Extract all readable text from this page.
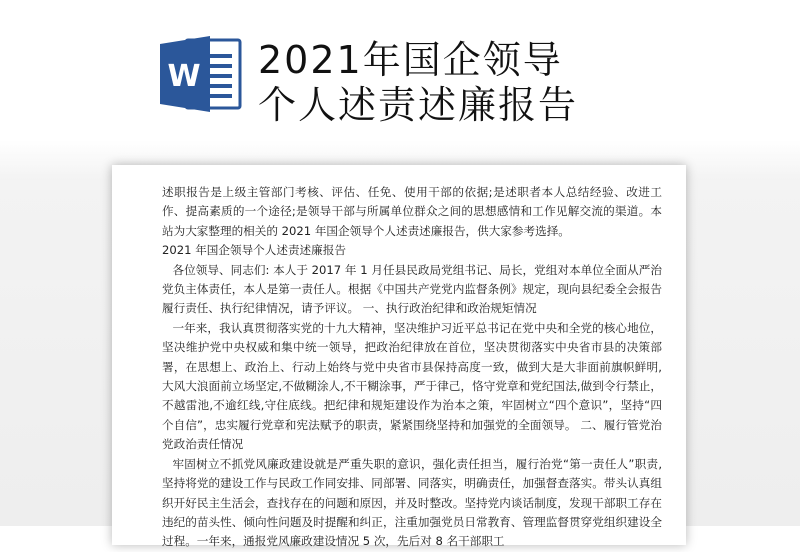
W 2021年国企领导
个人述责述廉报告

述职报告是上级主管部门考核、评估、任免、使用干部的依据;是述职者本人总结经验、改进工作、提高素质的一个途径;是领导干部与所属单位群众之间的思想感情和工作见解交流的渠道。本站为大家整理的相关的 2021 年国企领导个人述责述廉报告，供大家参考选择。

2021 年国企领导个人述责述廉报告

各位领导、同志们: 本人于 2017 年 1 月任县民政局党组书记、局长，党组对本单位全面从严治党负主体责任，本人是第一责任人。根据《中国共产党党内监督条例》规定，现向县纪委全会报告履行责任、执行纪律情况，请予评议。 一、执行政治纪律和政治规矩情况

一年来，我认真贯彻落实党的十九大精神，坚决维护习近平总书记在党中央和全党的核心地位，坚决维护党中央权威和集中统一领导，把政治纪律放在首位，坚决贯彻落实中央省市县的决策部署，在思想上、政治上、行动上始终与党中央省市县保持高度一致，做到大是大非面前旗帜鲜明,大风大浪面前立场坚定,不做糊涂人,不干糊涂事，严于律己，恪守党章和党纪国法,做到令行禁止，不越雷池,不逾红线,守住底线。把纪律和规矩建设作为治本之策，牢固树立“四个意识”，坚持“四个自信”，忠实履行党章和宪法赋予的职责，紧紧围绕坚持和加强党的全面领导。 二、履行管党治党政治责任情况

牢固树立不抓党风廉政建设就是严重失职的意识，强化责任担当，履行治党“第一责任人”职责, 坚持将党的建设工作与民政工作同安排、同部署、同落实，明确责任，加强督查落实。带头认真组织开好民主生活会，查找存在的问题和原因，并及时整改。坚持党内谈话制度，发现干部职工存在违纪的苗头性、倾向性问题及时提醒和纠正，注重加强党员日常教育、管理监督贯穿党组织建设全过程。一年来，通报党风廉政建设情况 5 次，先后对 8 名干部职工
